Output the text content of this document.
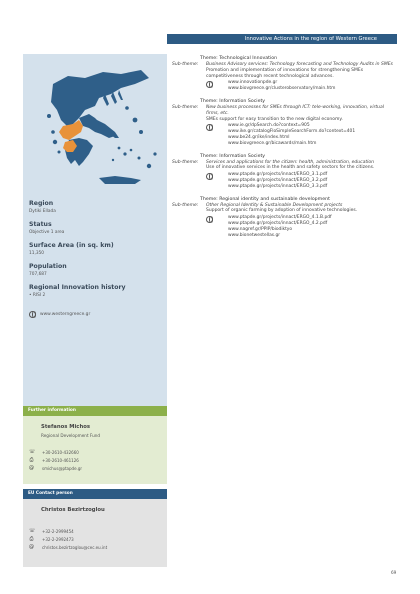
Innovative Actions in the region of Western Greece
Region
Dytiki Ellada
Status
Objective 1 area
Surface Area (in sq. km)
11,350
Population
707,687
Regional Innovation history
• RISI 2
www.westerngreece.gr
Further information
Stefanos Michos
Regional Development Fund
☏ +30-2610-432660
⎙ +30-2610-461126
@ smichus@ptapde.gr
EU Contact person
Christos Bezirtzoglou
☏ +32-2-2999454
⎙ +32-2-2992473
@ christos.bezirtzoglou@cec.eu.int
Theme: Technological Innovation
Sub-theme:	Business Advisory services: Technology forecasting and Technology Audits in SMEs
Promotion and implementation of innovations for strengthening SMEs competitiveness through recent technological advances.
www.innovationpde.gr
www.biovgreece.gr/clusterobservatory/main.htm
Theme: Information Society
Sub-theme:	New business processes for SMEs through ICT: tele-working, innovation, virtual firms, etc.
SMEs support for easy transition to the new digital economy.
www.ie.gr/dpSearch.do?context=905
www.ike.gr/catalogFloSimpleSearchForm.do?context=401
www.be24.gr/ike/index.html
www.biovgreece.gr/bicawards/main.htm
Theme: Information Society
Sub-theme:	Services and applications for the citizen: health, administration, education
Use of innovative services in the health and safety sectors for the citizens.
www.ptapde.gr/projects/innact/ERGO_3.1.pdf
www.ptapde.gr/projects/innact/ERGO_3.2.pdf
www.ptapde.gr/projects/innact/ERGO_3.3.pdf
Theme: Regional identity and sustainable development
Sub-theme:	Other Regional Identity & Sustainable Development projects
Support of organic farming by adoption of innovative technologies.
www.ptapde.gr/projects/innact/ERGO_4.1.B.pdf
www.ptapde.gr/projects/innact/ERGO_4.2.pdf
www.nagref.gr/PPIP/biodiktyo
www.bionetwestellas.gr
69
